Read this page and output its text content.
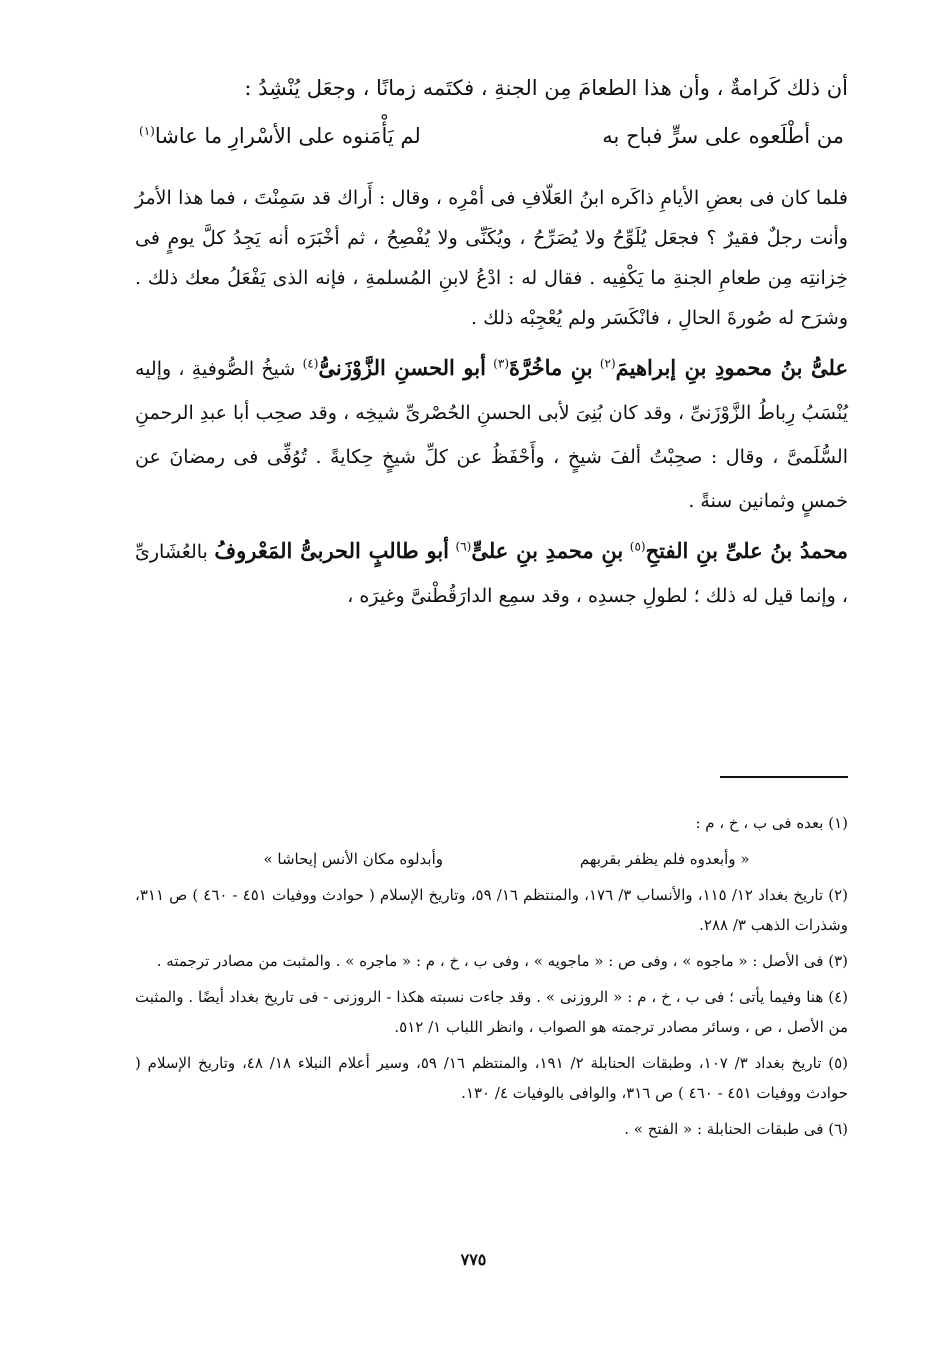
أن ذلك كَرامةٌ ، وأن هذا الطعامَ مِن الجنةِ ، فكتَمه زمانًا ، وجعَل يُنْشِدُ :

من أطْلَعوه على سرٍّ فباح به
لم يَأْمَنوه على الأسْرارِ ما عاشا$^{(١)}$

فلما كان فى بعضِ الأيامِ ذاكَره ابنُ العَلّافِ فى أمْرِه ، وقال : أَراك قد سَمِنْتَ ، فما هذا الأمرُ وأنت رجلٌ فقيرٌ ؟ فجعَل يُلَوِّحُ ولا يُصَرِّحُ ، ويُكَنِّى ولا يُفْصِحُ ، ثم أخْبَرَه أنه يَجِدُ كلَّ يومٍ فى خِزانتِه مِن طعامِ الجنةِ ما يَكْفِيه . فقال له : ادْعُ لابنِ المُسلمةِ ، فإنه الذى يَفْعَلُ معك ذلك . وشرَح له صُورةَ الحالِ ، فانْكَسَر ولم يُعْجِبْه ذلك .

علىُّ بنُ محمودِ بنِ إبراهيمَ$^{(٢)}$ بنِ ماخُرَّةَ$^{(٣)}$ أبو الحسنِ الزَّوْزَنىُّ$^{(٤)}$ شيخُ الصُّوفيةِ ، وإليه يُنْسَبُ رِباطُ الزَّوْزَنىِّ ، وقد كان بُنِىَ لأبى الحسنِ الحُصْرىِّ شيخِه ، وقد صحِب أبا عبدِ الرحمنِ السُّلَمىَّ ، وقال : صحِبْتُ ألفَ شيخٍ ، وأَحْفَظُ عن كلِّ شيخٍ حِكايةً . تُوُفِّى فى رمضانَ عن خمسٍ وثمانين سنةً .

محمدُ بنُ علىِّ بنِ الفتحِ$^{(٥)}$ بنِ محمدِ بنِ علىٍّ$^{(٦)}$ أبو طالبٍ الحربىُّ المَعْروفُ بالعُشَارىِّ ، وإنما قيل له ذلك ؛ لطولِ جسدِه ، وقد سمِع الدارَقُطْنىَّ وغيرَه ،

(١) بعده فى ب ، خ ، م :
« وأبعدوه فلم يظفر بقربهم
وأبدلوه مكان الأنس إيحاشا »
(٢) تاريخ بغداد ١٢/ ١١٥، والأنساب ٣/ ١٧٦، والمنتظم ١٦/ ٥٩، وتاريخ الإسلام ( حوادث ووفيات ٤٥١ - ٤٦٠ ) ص ٣١١، وشذرات الذهب ٣/ ٢٨٨.
(٣) فى الأصل : « ماجوه » ، وفى ص : « ماجويه » ، وفى ب ، خ ، م : « ماجره » . والمثبت من مصادر ترجمته .
(٤) هنا وفيما يأتى ؛ فى ب ، خ ، م : « الروزنى » . وقد جاءت نسبته هكذا - الروزنى - فى تاريخ بغداد أيضًا . والمثبت من الأصل ، ص ، وسائر مصادر ترجمته هو الصواب ، وانظر اللباب ١/ ٥١٢.
(٥) تاريخ بغداد ٣/ ١٠٧، وطبقات الحنابلة ٢/ ١٩١، والمنتظم ١٦/ ٥٩، وسير أعلام النبلاء ١٨/ ٤٨، وتاريخ الإسلام ( حوادث ووفيات ٤٥١ - ٤٦٠ ) ص ٣١٦، والوافى بالوفيات ٤/ ١٣٠.
(٦) فى طبقات الحنابلة : « الفتح » .
٧٧٥
